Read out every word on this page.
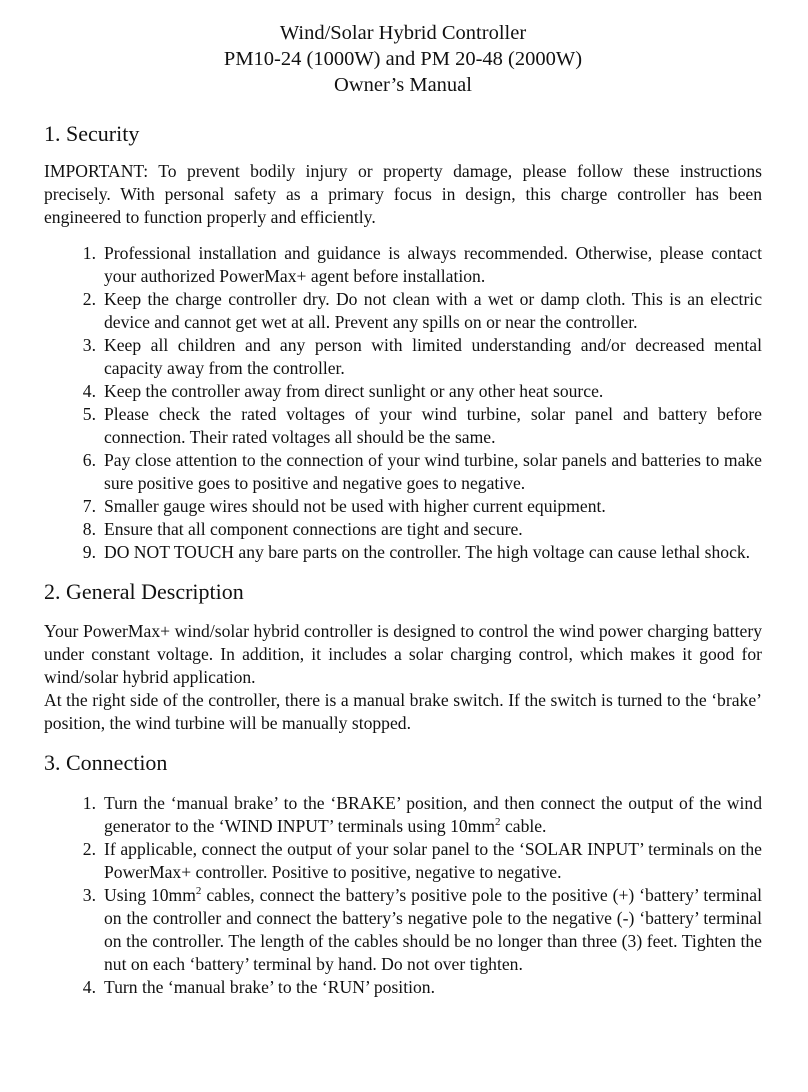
Wind/Solar Hybrid Controller
PM10-24 (1000W) and PM 20-48 (2000W)
Owner’s Manual
1. Security

IMPORTANT: To prevent bodily injury or property damage, please follow these instructions precisely. With personal safety as a primary focus in design, this charge controller has been engineered to function properly and efficiently.

1. Professional installation and guidance is always recommended. Otherwise, please contact your authorized PowerMax+ agent before installation.
2. Keep the charge controller dry. Do not clean with a wet or damp cloth. This is an electric device and cannot get wet at all. Prevent any spills on or near the controller.
3. Keep all children and any person with limited understanding and/or decreased mental capacity away from the controller.
4. Keep the controller away from direct sunlight or any other heat source.
5. Please check the rated voltages of your wind turbine, solar panel and battery before connection. Their rated voltages all should be the same.
6. Pay close attention to the connection of your wind turbine, solar panels and batteries to make sure positive goes to positive and negative goes to negative.
7. Smaller gauge wires should not be used with higher current equipment.
8. Ensure that all component connections are tight and secure.
9. DO NOT TOUCH any bare parts on the controller. The high voltage can cause lethal shock.
2. General Description

Your PowerMax+ wind/solar hybrid controller is designed to control the wind power charging battery under constant voltage. In addition, it includes a solar charging control, which makes it good for wind/solar hybrid application.

At the right side of the controller, there is a manual brake switch. If the switch is turned to the ‘brake’ position, the wind turbine will be manually stopped.

3. Connection
1. Turn the ‘manual brake’ to the ‘BRAKE’ position, and then connect the output of the wind generator to the ‘WIND INPUT’ terminals using $10mm^2$ cable.
2. If applicable, connect the output of your solar panel to the ‘SOLAR INPUT’ terminals on the PowerMax+ controller. Positive to positive, negative to negative.
3. Using $10mm^2$ cables, connect the battery’s positive pole to the positive (+) ‘battery’ terminal on the controller and connect the battery’s negative pole to the negative (-) ‘battery’ terminal on the controller. The length of the cables should be no longer than three (3) feet. Tighten the nut on each ‘battery’ terminal by hand. Do not over tighten.
4. Turn the ‘manual brake’ to the ‘RUN’ position.
